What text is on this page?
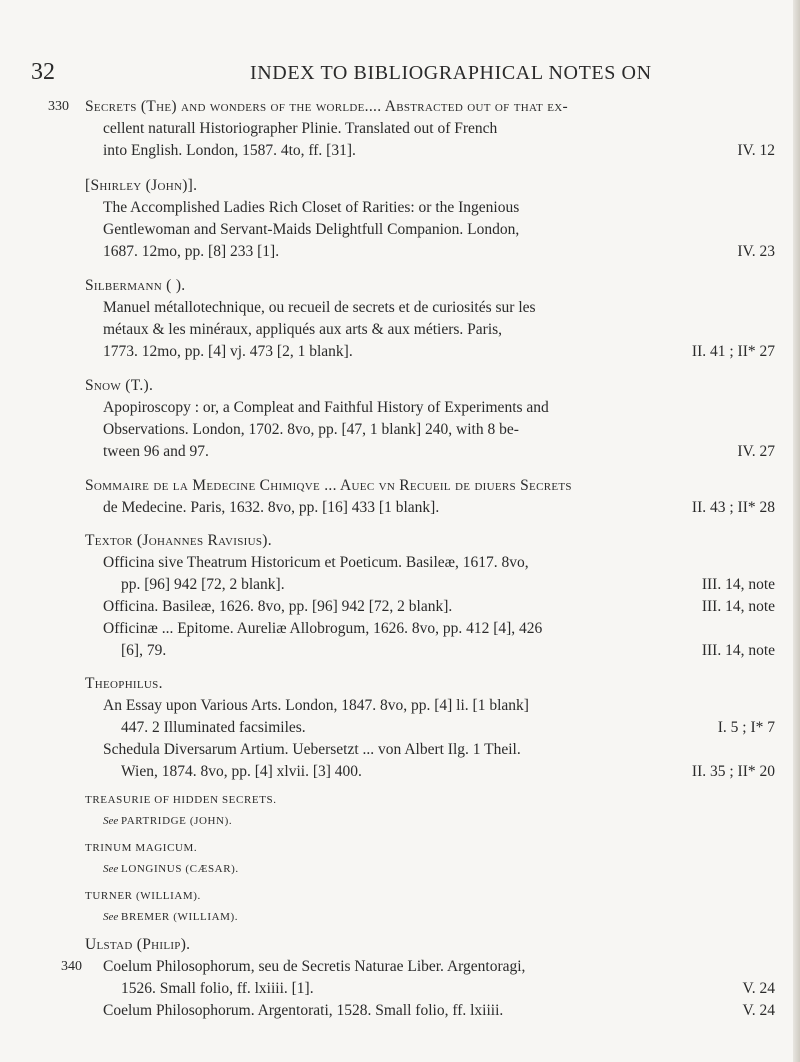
32	INDEX TO BIBLIOGRAPHICAL NOTES ON
330 Secrets (The) and wonders of the worlde.... Abstracted out of that ex-
cellent naturall Historiographer Plinie. Translated out of French
into English. London, 1587. 4to, ff. [31].	IV. 12
[Shirley (John)].
The Accomplished Ladies Rich Closet of Rarities: or the Ingenious
Gentlewoman and Servant-Maids Delightfull Companion. London,
1687. 12mo, pp. [8] 233 [1].	IV. 23
Silbermann ( ).
Manuel métallotechnique, ou recueil de secrets et de curiosités sur les
métaux & les minéraux, appliqués aux arts & aux métiers. Paris,
1773. 12mo, pp. [4] vj. 473 [2, 1 blank].	II. 41 ; II* 27
Snow (T.).
Apopiroscopy : or, a Compleat and Faithful History of Experiments and
Observations. London, 1702. 8vo, pp. [47, 1 blank] 240, with 8 be-
tween 96 and 97.	IV. 27
Sommaire de la Medecine Chimiqve ... Auec vn Recueil de diuers Secrets
de Medecine. Paris, 1632. 8vo, pp. [16] 433 [1 blank].	II. 43 ; II* 28
Textor (Johannes Ravisius).
Officina sive Theatrum Historicum et Poeticum. Basileæ, 1617. 8vo,
pp. [96] 942 [72, 2 blank].	III. 14, note
Officina. Basileæ, 1626. 8vo, pp. [96] 942 [72, 2 blank].	III. 14, note
Officinæ ... Epitome. Aureliæ Allobrogum, 1626. 8vo, pp. 412 [4], 426
[6], 79.	III. 14, note
Theophilus.
An Essay upon Various Arts. London, 1847. 8vo, pp. [4] li. [1 blank]
447. 2 Illuminated facsimiles.	I. 5 ; I* 7
Schedula Diversarum Artium. Uebersetzt ... von Albert Ilg. 1 Theil.
Wien, 1874. 8vo, pp. [4] xlvii. [3] 400.	II. 35 ; II* 20
TREASURIE OF HIDDEN SECRETS.
See PARTRIDGE (JOHN).
TRINUM MAGICUM.
See LONGINUS (CÆSAR).
TURNER (WILLIAM).
See BREMER (WILLIAM).
340
Ulstad (Philip).
Coelum Philosophorum, seu de Secretis Naturae Liber. Argentoragi,
1526. Small folio, ff. lxiiii. [1].	V. 24
Coelum Philosophorum. Argentorati, 1528. Small folio, ff. lxiiii.	V. 24
